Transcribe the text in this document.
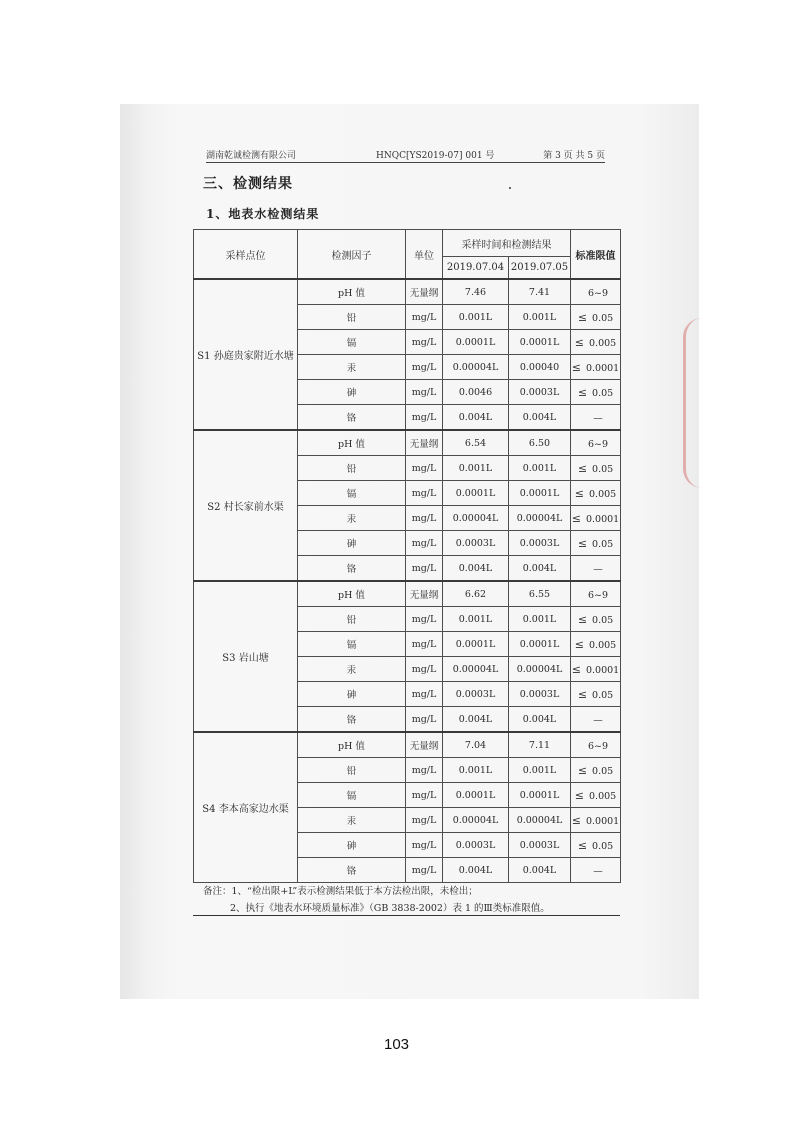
湖南乾诚检测有限公司	HNQC[YS2019-07] 001 号	第 3 页 共 5 页
三、检测结果
1、地表水检测结果
采样点位	检测因子	单位	采样时间和检测结果		标准限值
			2019.07.04	2019.07.05	
S1 孙庭贵家附近水塘	pH 值	无量纲	7.46	7.41	6~9
	铅	mg/L	0.001L	0.001L	≤ 0.05
	镉	mg/L	0.0001L	0.0001L	≤ 0.005
	汞	mg/L	0.00004L	0.00040	≤ 0.0001
	砷	mg/L	0.0046	0.0003L	≤ 0.05
	铬	mg/L	0.004L	0.004L	—
S2 村长家前水渠	pH 值	无量纲	6.54	6.50	6~9
	铅	mg/L	0.001L	0.001L	≤ 0.05
	镉	mg/L	0.0001L	0.0001L	≤ 0.005
	汞	mg/L	0.00004L	0.00004L	≤ 0.0001
	砷	mg/L	0.0003L	0.0003L	≤ 0.05
	铬	mg/L	0.004L	0.004L	—
S3 岩山塘	pH 值	无量纲	6.62	6.55	6~9
	铅	mg/L	0.001L	0.001L	≤ 0.05
	镉	mg/L	0.0001L	0.0001L	≤ 0.005
	汞	mg/L	0.00004L	0.00004L	≤ 0.0001
	砷	mg/L	0.0003L	0.0003L	≤ 0.05
	铬	mg/L	0.004L	0.004L	—
S4 李本高家边水渠	pH 值	无量纲	7.04	7.11	6~9
	铅	mg/L	0.001L	0.001L	≤ 0.05
	镉	mg/L	0.0001L	0.0001L	≤ 0.005
	汞	mg/L	0.00004L	0.00004L	≤ 0.0001
	砷	mg/L	0.0003L	0.0003L	≤ 0.05
	铬	mg/L	0.004L	0.004L	—
备注：1、“检出限+L”表示检测结果低于本方法检出限，未检出；
2、执行《地表水环境质量标准》（GB 3838-2002）表 1 的Ⅲ类标准限值。
103
